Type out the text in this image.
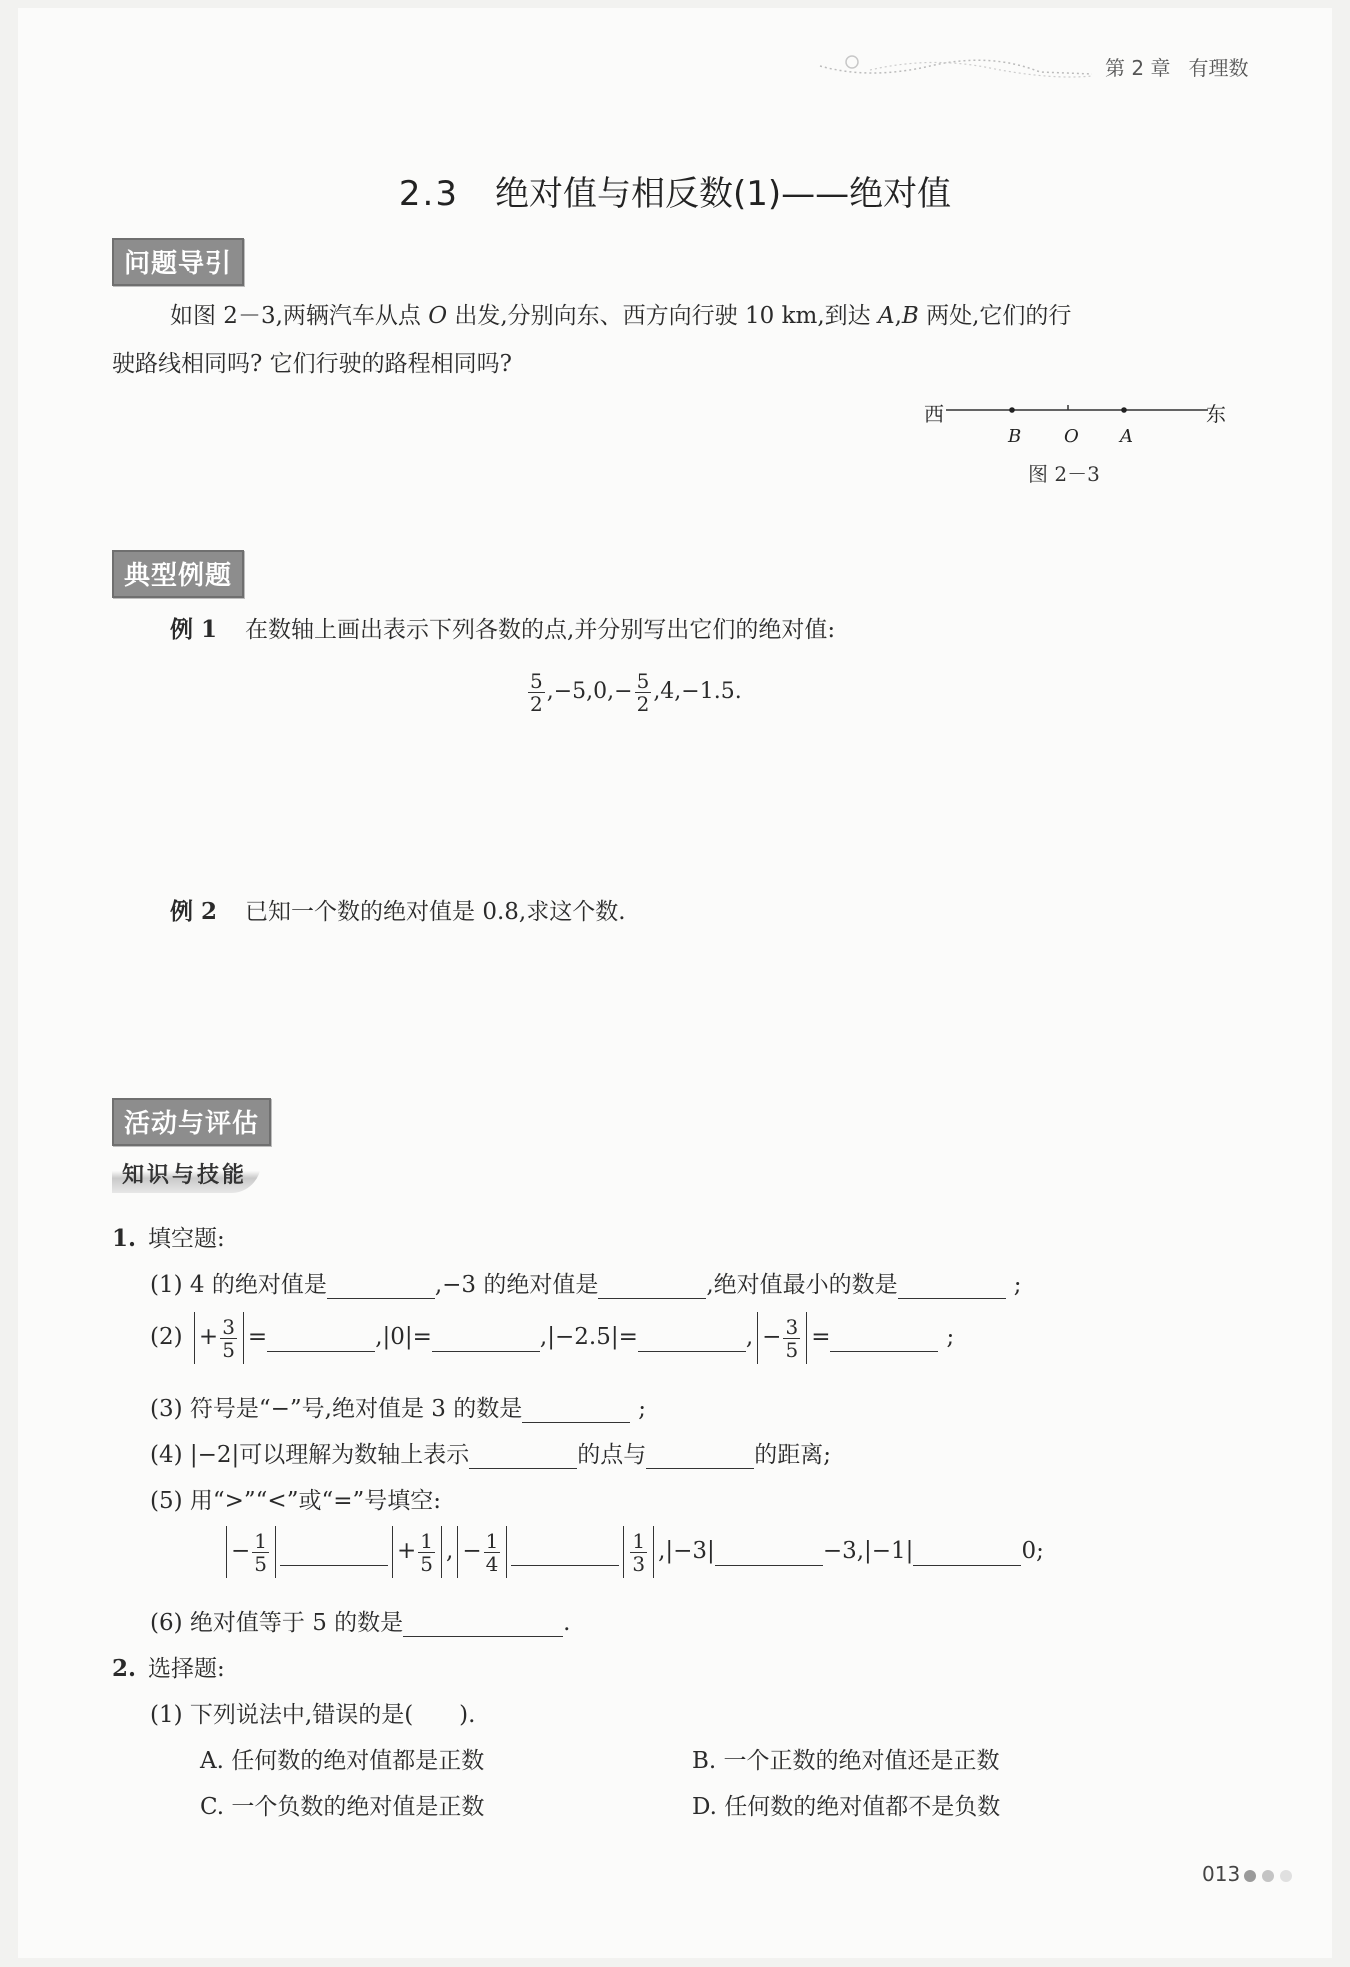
第 2 章 有理数
2.3 绝对值与相反数(1)——绝对值
问题导引
如图 2－3,两辆汽车从点 O 出发,分别向东、西方向行驶 10 km,到达 A,B 两处,它们的行
驶路线相同吗? 它们行驶的路程相同吗?
西	东
B O A
图 2－3
典型例题
例 1 在数轴上画出表示下列各数的点,并分别写出它们的绝对值:
$\frac{5}{2} ,-5,0,- \frac{5}{2} ,4,-1.5$.
例 2 已知一个数的绝对值是 0.8,求这个数.
活动与评估
知识与技能
1. 填空题:
(1) 4 的绝对值是	,−3 的绝对值是	,绝对值最小的数是	;
$(2) + \frac{3}{5}$ =	,|0|=	,|−2.5|=	, − $\frac{3}{5}$ =	;
(3) 符号是“−”号,绝对值是 3 的数是	;
(4) |−2|可以理解为数轴上表示	的点与	的距离;
(5) 用“>”“<”或“=”号填空:
− $\frac{1}{5}$	+ $\frac{1}{5}$ , − $\frac{1}{4}$	$\frac{1}{3} ,|-3|$	−3,|−1|	0;
(6) 绝对值等于 5 的数是	.
2. 选择题:
(1) 下列说法中,错误的是(　　).
A. 任何数的绝对值都是正数	B. 一个正数的绝对值还是正数
C. 一个负数的绝对值是正数	D. 任何数的绝对值都不是负数
013
